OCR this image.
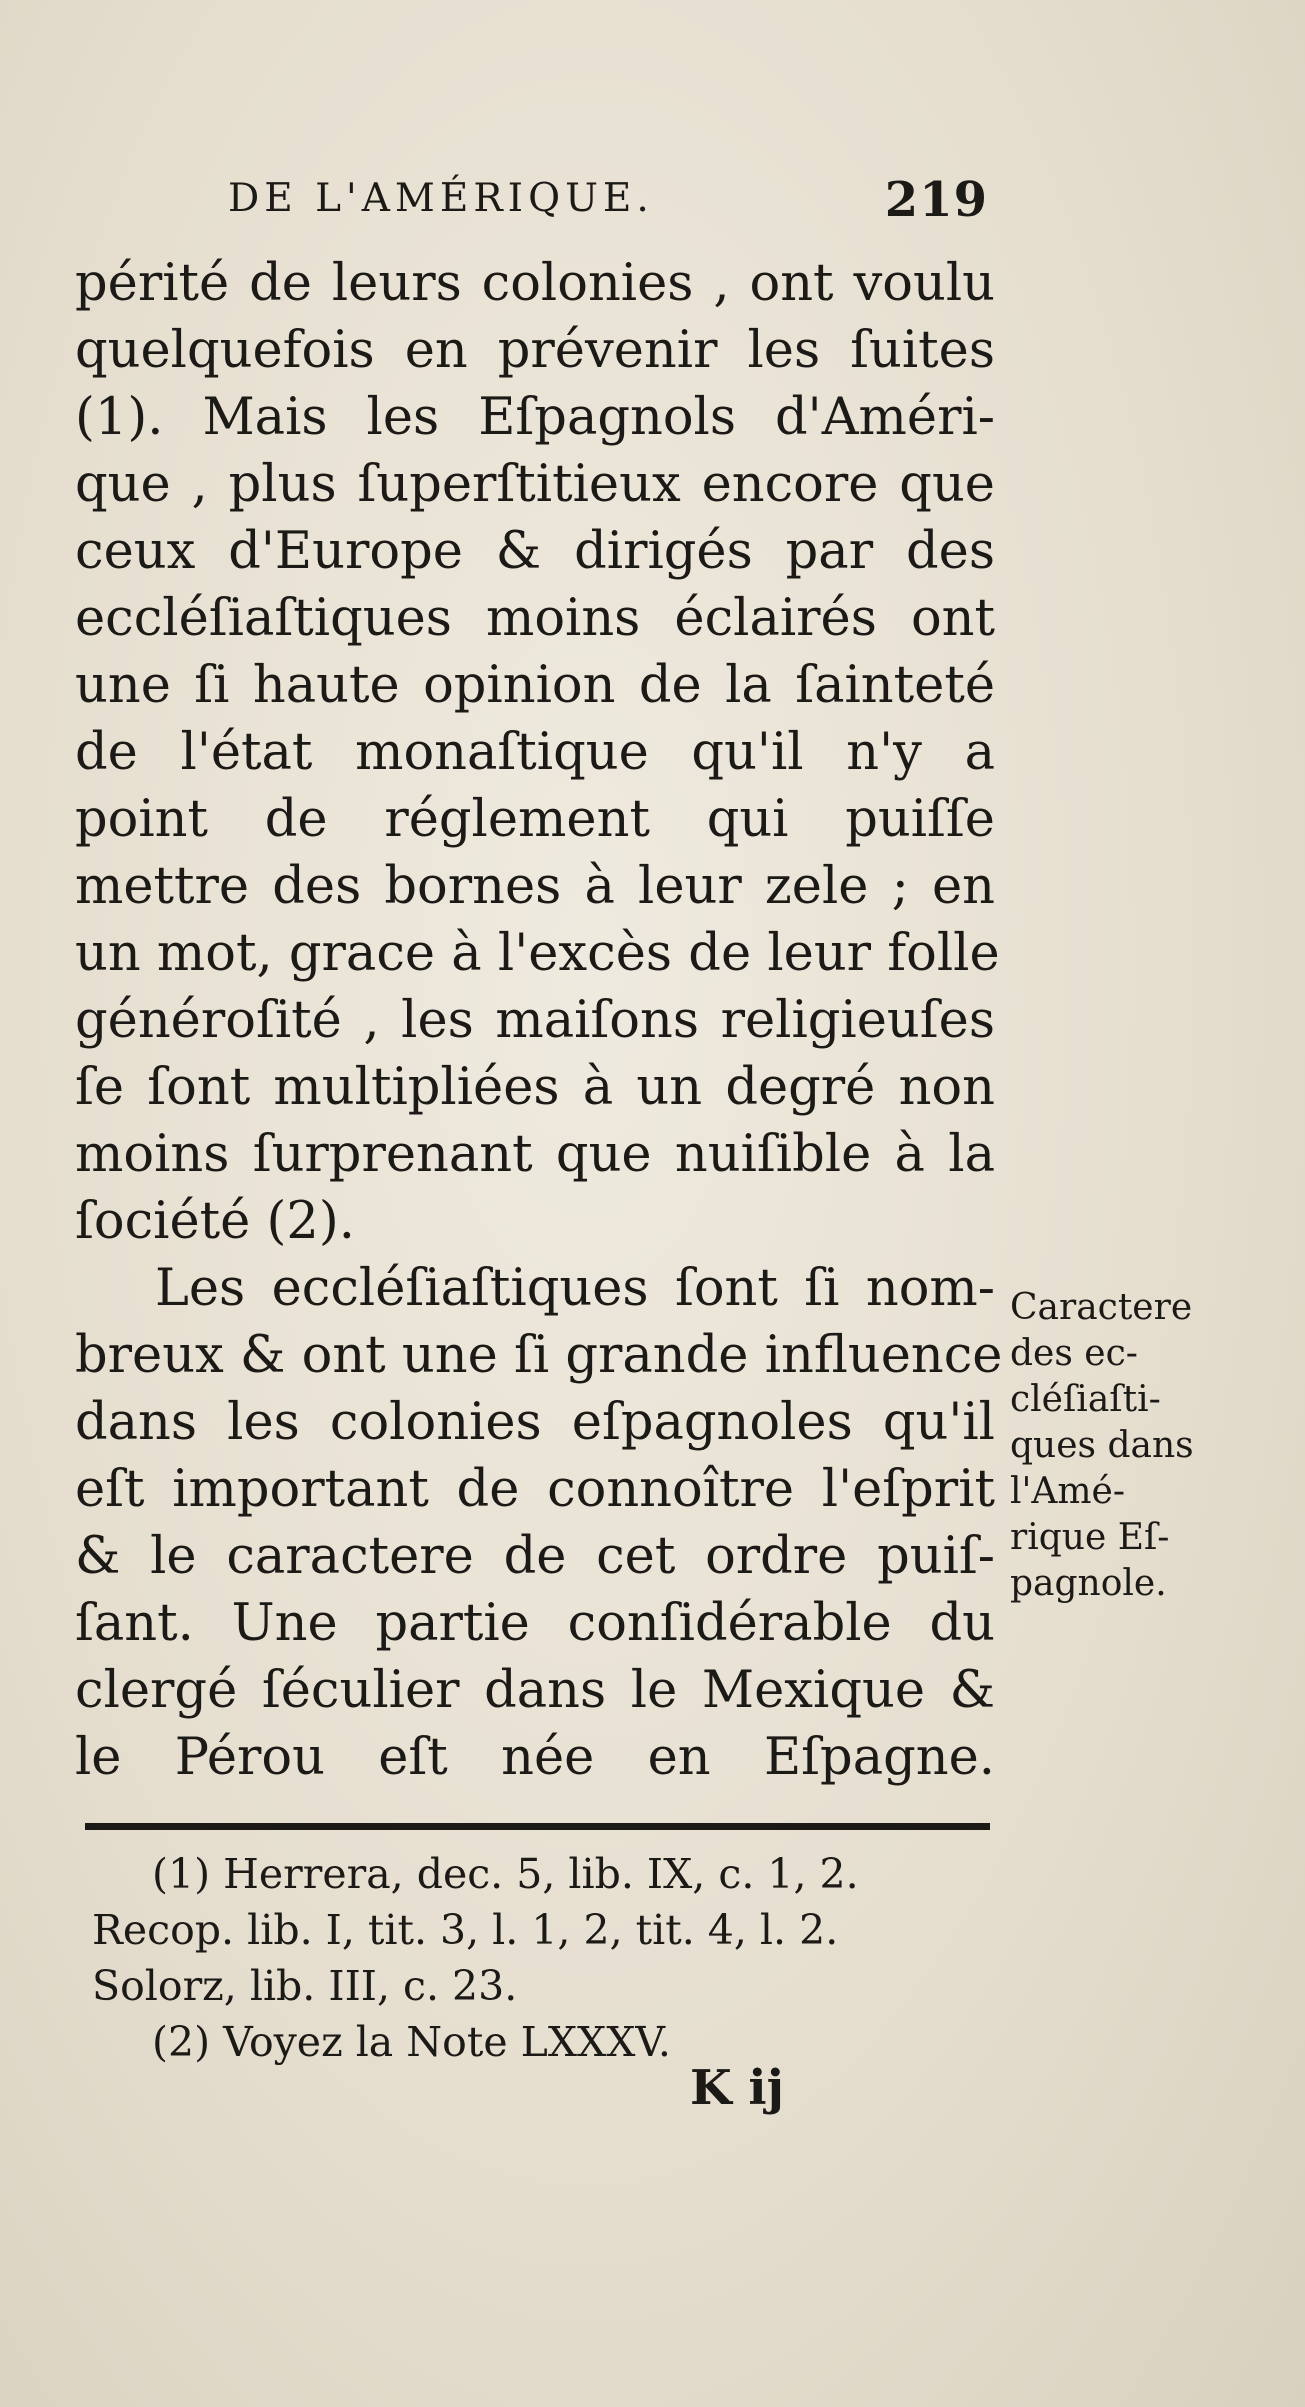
DE L'AMÉRIQUE.	219
périté de leurs colonies , ont voulu
quelquefois en prévenir les ſuites
(1). Mais les Eſpagnols d'Améri-
que , plus ſuperſtitieux encore que
ceux d'Europe & dirigés par des
eccléſiaſtiques moins éclairés ont
une ſi haute opinion de la ſainteté
de l'état monaſtique qu'il n'y a
point de réglement qui puiſſe
mettre des bornes à leur zele ; en
un mot, grace à l'excès de leur folle
généroſité , les maiſons religieuſes
ſe ſont multipliées à un degré non
moins ſurprenant que nuiſible à la
ſociété (2).
Les eccléſiaſtiques ſont ſi nom-
breux & ont une ſi grande influence
dans les colonies eſpagnoles qu'il
eſt important de connoître l'eſprit
& le caractere de cet ordre puiſ-
ſant. Une partie conſidérable du
clergé ſéculier dans le Mexique &
le Pérou eſt née en Eſpagne.
Caractere
des ec-
cléſiaſti-
ques dans
l'Amé-
rique Eſ-
pagnole.
(1) Herrera, dec. 5, lib. IX, c. 1, 2.
Recop. lib. I, tit. 3, l. 1, 2, tit. 4, l. 2.
Solorz, lib. III, c. 23.
(2) Voyez la Note LXXXV.
K ij
